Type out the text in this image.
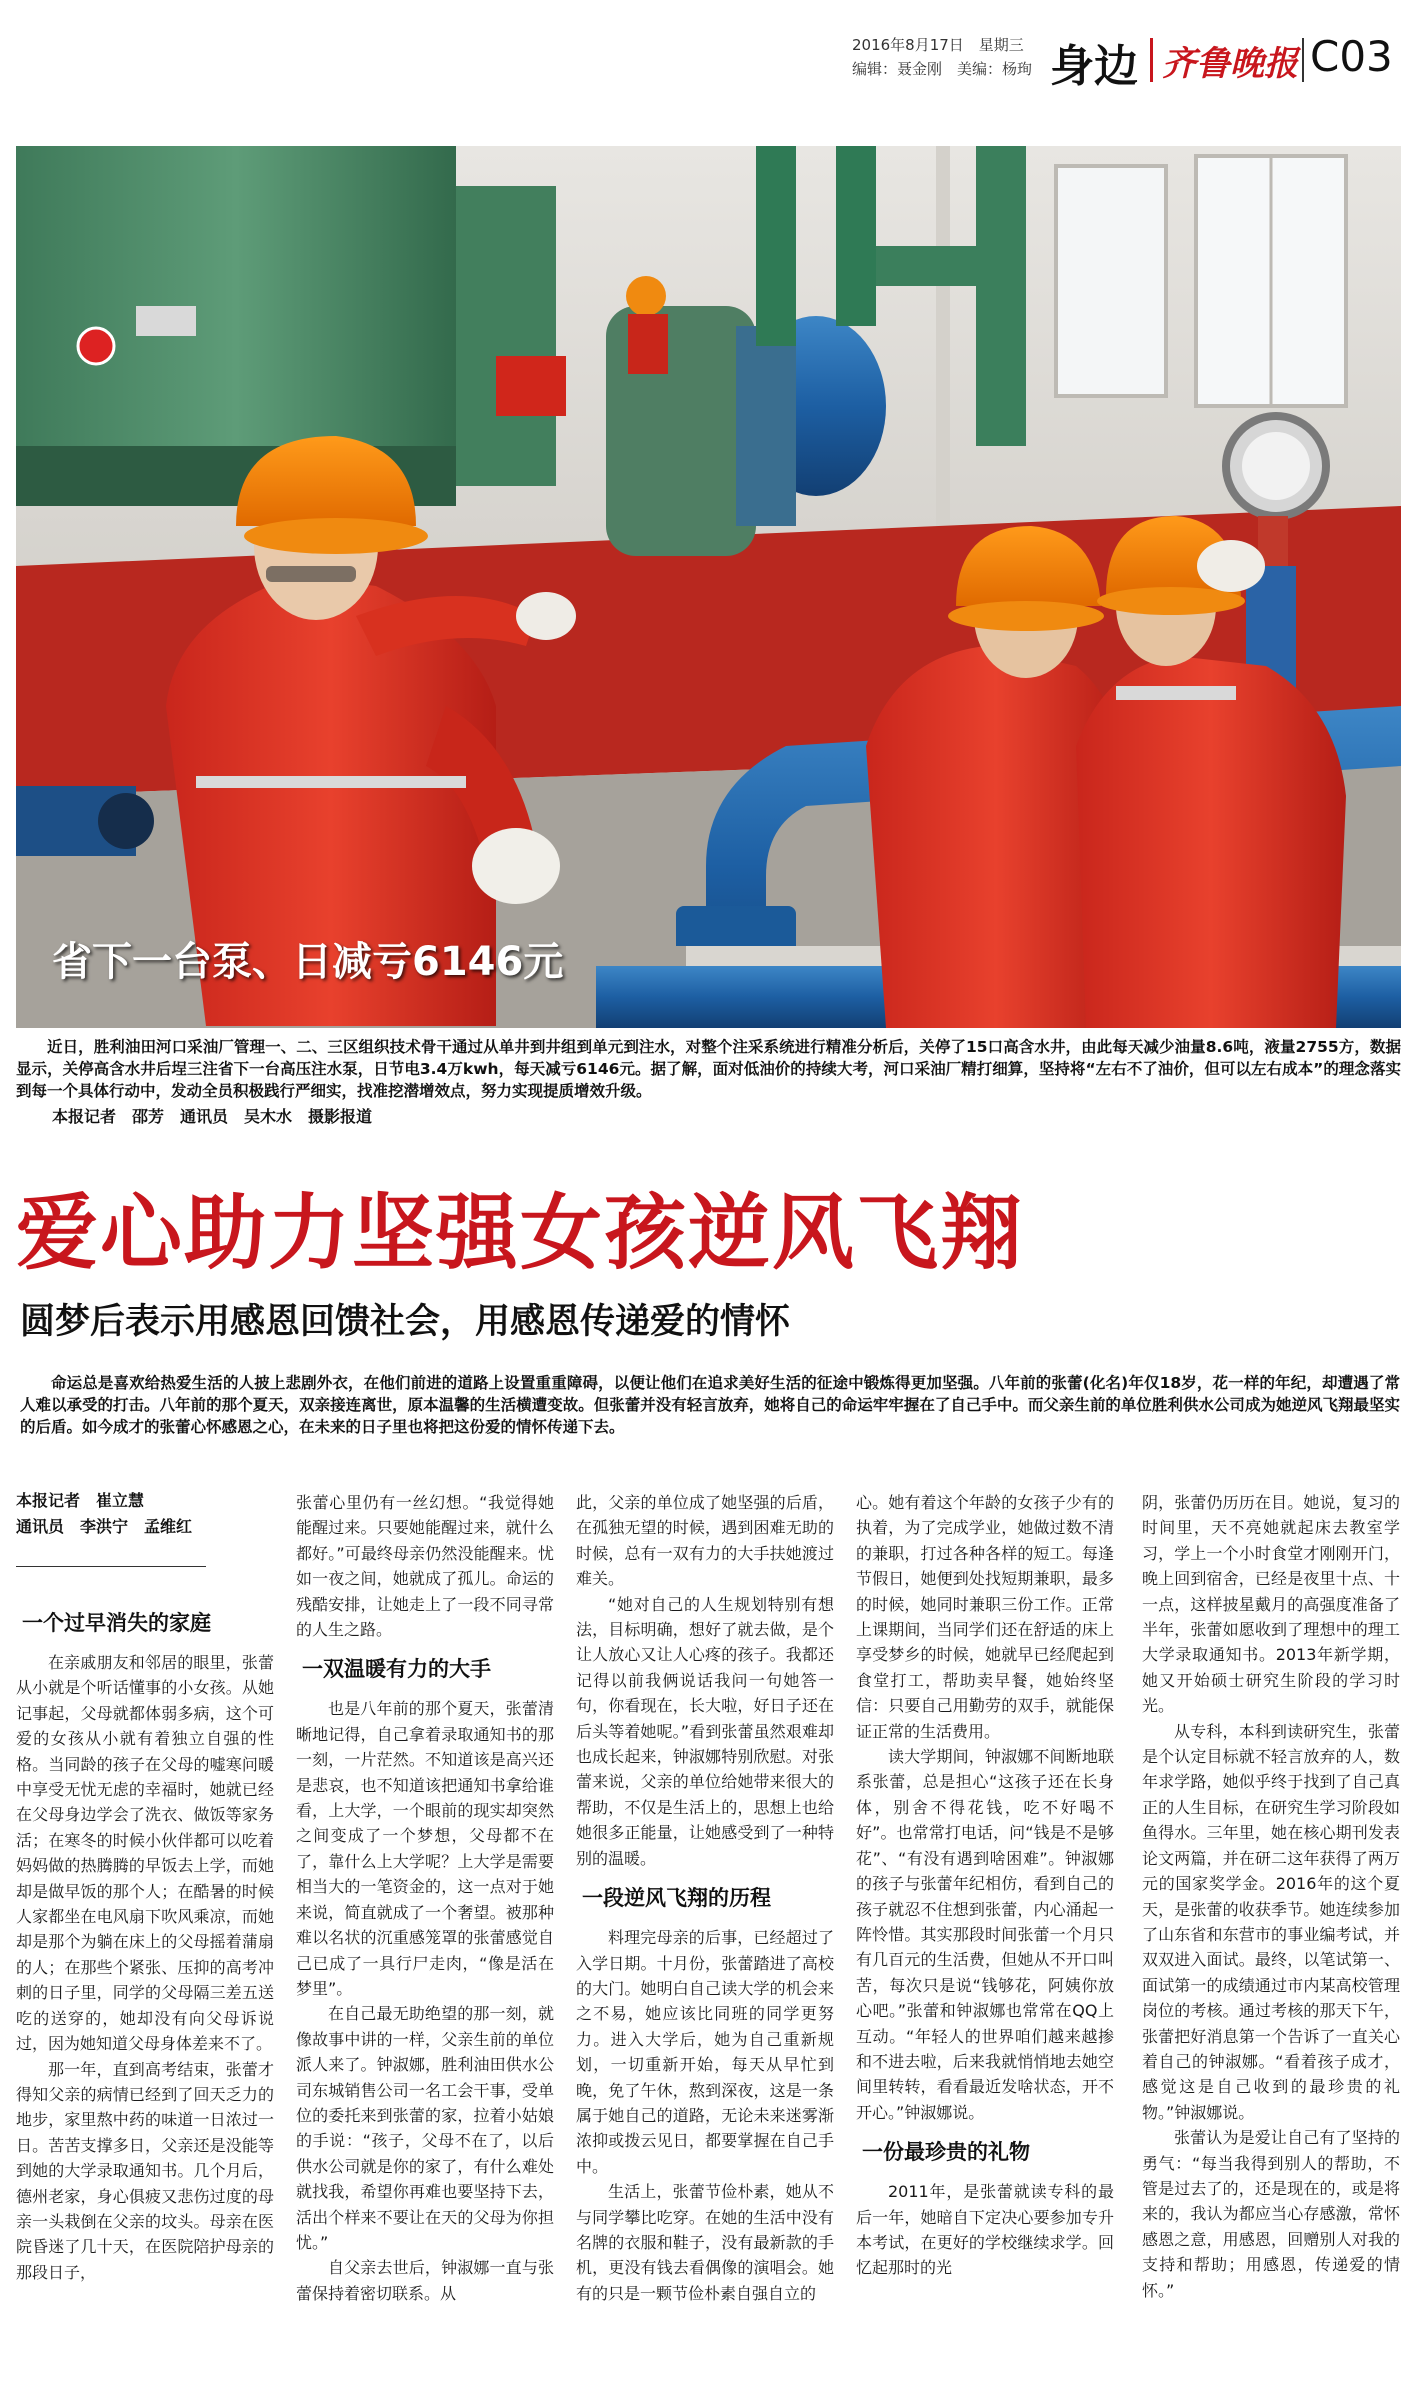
2016年8月17日　星期三
编辑：聂金刚　美编：杨珣 身边 齐鲁晚报 C03
省下一台泵、日减亏6146元
近日，胜利油田河口采油厂管理一、二、三区组织技术骨干通过从单井到井组到单元到注水，对整个注采系统进行精准分析后，关停了15口高含水井，由此每天减少油量8.6吨，液量2755方，数据显示，关停高含水井后埕三注省下一台高压注水泵，日节电3.4万kwh，每天减亏6146元。据了解，面对低油价的持续大考，河口采油厂精打细算，坚持将“左右不了油价，但可以左右成本”的理念落实到每一个具体行动中，发动全员积极践行严细实，找准挖潜增效点，努力实现提质增效升级。
本报记者　邵芳　通讯员　吴木水　摄影报道
爱心助力坚强女孩逆风飞翔
圆梦后表示用感恩回馈社会，用感恩传递爱的情怀
命运总是喜欢给热爱生活的人披上悲剧外衣，在他们前进的道路上设置重重障碍，以便让他们在追求美好生活的征途中锻炼得更加坚强。八年前的张蕾(化名)年仅18岁，花一样的年纪，却遭遇了常人难以承受的打击。八年前的那个夏天，双亲接连离世，原本温馨的生活横遭变故。但张蕾并没有轻言放弃，她将自己的命运牢牢握在了自己手中。而父亲生前的单位胜利供水公司成为她逆风飞翔最坚实的后盾。如今成才的张蕾心怀感恩之心，在未来的日子里也将把这份爱的情怀传递下去。
本报记者　崔立慧
通讯员　李洪宁　孟维红
一个过早消失的家庭

在亲戚朋友和邻居的眼里，张蕾从小就是个听话懂事的小女孩。从她记事起，父母就都体弱多病，这个可爱的女孩从小就有着独立自强的性格。当同龄的孩子在父母的嘘寒问暖中享受无忧无虑的幸福时，她就已经在父母身边学会了洗衣、做饭等家务活；在寒冬的时候小伙伴都可以吃着妈妈做的热腾腾的早饭去上学，而她却是做早饭的那个人；在酷暑的时候人家都坐在电风扇下吹风乘凉，而她却是那个为躺在床上的父母摇着蒲扇的人；在那些个紧张、压抑的高考冲刺的日子里，同学的父母隔三差五送吃的送穿的，她却没有向父母诉说过，因为她知道父母身体差来不了。

那一年，直到高考结束，张蕾才得知父亲的病情已经到了回天乏力的地步，家里熬中药的味道一日浓过一日。苦苦支撑多日，父亲还是没能等到她的大学录取通知书。几个月后，德州老家，身心俱疲又悲伤过度的母亲一头栽倒在父亲的坟头。母亲在医院昏迷了几十天，在医院陪护母亲的那段日子，

张蕾心里仍有一丝幻想。“我觉得她能醒过来。只要她能醒过来，就什么都好。”可最终母亲仍然没能醒来。忧如一夜之间，她就成了孤儿。命运的残酷安排，让她走上了一段不同寻常的人生之路。

一双温暖有力的大手

也是八年前的那个夏天，张蕾清晰地记得，自己拿着录取通知书的那一刻，一片茫然。不知道该是高兴还是悲哀，也不知道该把通知书拿给谁看，上大学，一个眼前的现实却突然之间变成了一个梦想，父母都不在了，靠什么上大学呢？上大学是需要相当大的一笔资金的，这一点对于她来说，简直就成了一个奢望。被那种难以名状的沉重感笼罩的张蕾感觉自己已成了一具行尸走肉，“像是活在梦里”。

在自己最无助绝望的那一刻，就像故事中讲的一样，父亲生前的单位派人来了。钟淑娜，胜利油田供水公司东城销售公司一名工会干事，受单位的委托来到张蕾的家，拉着小姑娘的手说：“孩子，父母不在了，以后供水公司就是你的家了，有什么难处就找我，希望你再难也要坚持下去，活出个样来不要让在天的父母为你担忧。”

自父亲去世后，钟淑娜一直与张蕾保持着密切联系。从

此，父亲的单位成了她坚强的后盾，在孤独无望的时候，遇到困难无助的时候，总有一双有力的大手扶她渡过难关。

“她对自己的人生规划特别有想法，目标明确，想好了就去做，是个让人放心又让人心疼的孩子。我都还记得以前我俩说话我问一句她答一句，你看现在，长大啦，好日子还在后头等着她呢。”看到张蕾虽然艰难却也成长起来，钟淑娜特别欣慰。对张蕾来说，父亲的单位给她带来很大的帮助，不仅是生活上的，思想上也给她很多正能量，让她感受到了一种特别的温暖。

一段逆风飞翔的历程

料理完母亲的后事，已经超过了入学日期。十月份，张蕾踏进了高校的大门。她明白自己读大学的机会来之不易，她应该比同班的同学更努力。进入大学后，她为自己重新规划，一切重新开始，每天从早忙到晚，免了午休，熬到深夜，这是一条属于她自己的道路，无论未来迷雾渐浓抑或拨云见日，都要掌握在自己手中。

生活上，张蕾节俭朴素，她从不与同学攀比吃穿。在她的生活中没有名牌的衣服和鞋子，没有最新款的手机，更没有钱去看偶像的演唱会。她有的只是一颗节俭朴素自强自立的

心。她有着这个年龄的女孩子少有的执着，为了完成学业，她做过数不清的兼职，打过各种各样的短工。每逢节假日，她便到处找短期兼职，最多的时候，她同时兼职三份工作。正常上课期间，当同学们还在舒适的床上享受梦乡的时候，她就早已经爬起到食堂打工，帮助卖早餐，她始终坚信：只要自己用勤劳的双手，就能保证正常的生活费用。

读大学期间，钟淑娜不间断地联系张蕾，总是担心“这孩子还在长身体，别舍不得花钱，吃不好喝不好”。也常常打电话，问“钱是不是够花”、“有没有遇到啥困难”。钟淑娜的孩子与张蕾年纪相仿，看到自己的孩子就忍不住想到张蕾，内心涌起一阵怜惜。其实那段时间张蕾一个月只有几百元的生活费，但她从不开口叫苦，每次只是说“钱够花，阿姨你放心吧。”张蕾和钟淑娜也常常在QQ上互动。“年轻人的世界咱们越来越掺和不进去啦，后来我就悄悄地去她空间里转转，看看最近发啥状态，开不开心。”钟淑娜说。

一份最珍贵的礼物

2011年，是张蕾就读专科的最后一年，她暗自下定决心要参加专升本考试，在更好的学校继续求学。回忆起那时的光

阴，张蕾仍历历在目。她说，复习的时间里，天不亮她就起床去教室学习，学上一个小时食堂才刚刚开门，晚上回到宿舍，已经是夜里十点、十一点，这样披星戴月的高强度准备了半年，张蕾如愿收到了理想中的理工大学录取通知书。2013年新学期，她又开始硕士研究生阶段的学习时光。

从专科，本科到读研究生，张蕾是个认定目标就不轻言放弃的人，数年求学路，她似乎终于找到了自己真正的人生目标，在研究生学习阶段如鱼得水。三年里，她在核心期刊发表论文两篇，并在研二这年获得了两万元的国家奖学金。2016年的这个夏天，是张蕾的收获季节。她连续参加了山东省和东营市的事业编考试，并双双进入面试。最终，以笔试第一、面试第一的成绩通过市内某高校管理岗位的考核。通过考核的那天下午，张蕾把好消息第一个告诉了一直关心着自己的钟淑娜。“看着孩子成才，感觉这是自己收到的最珍贵的礼物。”钟淑娜说。

张蕾认为是爱让自己有了坚持的勇气：“每当我得到别人的帮助，不管是过去了的，还是现在的，或是将来的，我认为都应当心存感激，常怀感恩之意，用感恩，回赠别人对我的支持和帮助；用感恩，传递爱的情怀。”
